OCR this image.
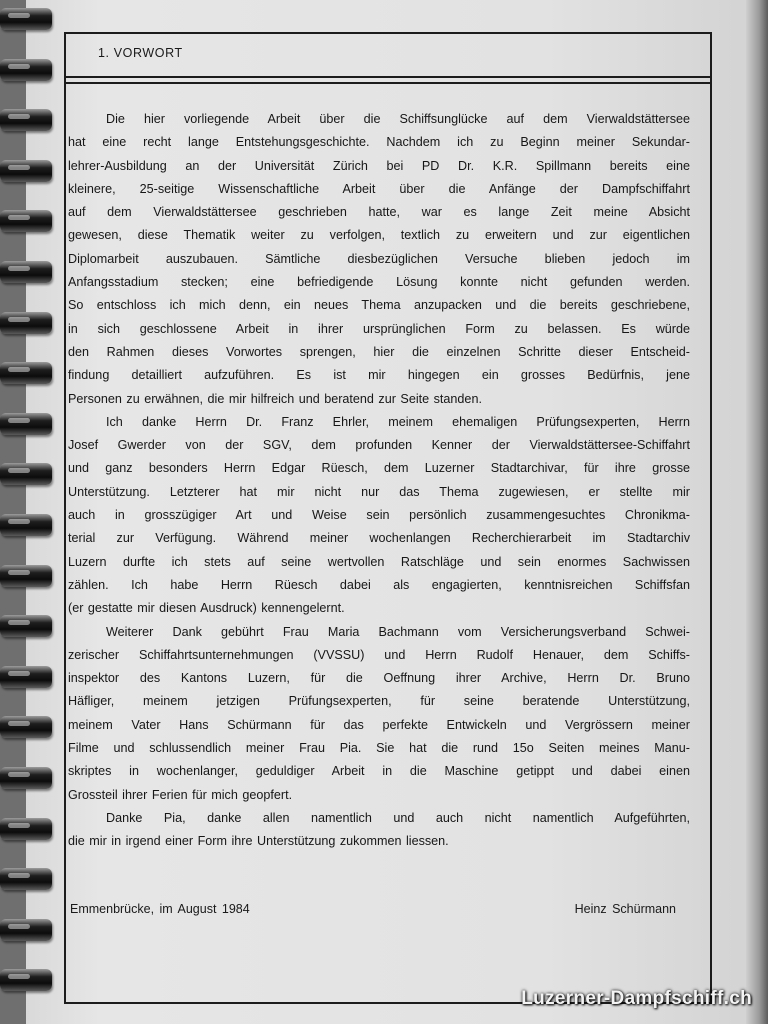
1. VORWORT
Die hier vorliegende Arbeit über die Schiffsunglücke auf dem Vierwaldstättersee
hat eine recht lange Entstehungsgeschichte. Nachdem ich zu Beginn meiner Sekundar-
lehrer-Ausbildung an der Universität Zürich bei PD Dr. K.R. Spillmann bereits eine
kleinere, 25-seitige Wissenschaftliche Arbeit über die Anfänge der Dampfschiffahrt
auf dem Vierwaldstättersee geschrieben hatte, war es lange Zeit meine Absicht
gewesen, diese Thematik weiter zu verfolgen, textlich zu erweitern und zur eigentlichen
Diplomarbeit auszubauen. Sämtliche diesbezüglichen Versuche blieben jedoch im
Anfangsstadium stecken; eine befriedigende Lösung konnte nicht gefunden werden.
So entschloss ich mich denn, ein neues Thema anzupacken und die bereits geschriebene,
in sich geschlossene Arbeit in ihrer ursprünglichen Form zu belassen. Es würde
den Rahmen dieses Vorwortes sprengen, hier die einzelnen Schritte dieser Entscheid-
findung detailliert aufzuführen. Es ist mir hingegen ein grosses Bedürfnis, jene
Personen zu erwähnen, die mir hilfreich und beratend zur Seite standen.
Ich danke Herrn Dr. Franz Ehrler, meinem ehemaligen Prüfungsexperten, Herrn
Josef Gwerder von der SGV, dem profunden Kenner der Vierwaldstättersee-Schiffahrt
und ganz besonders Herrn Edgar Rüesch, dem Luzerner Stadtarchivar, für ihre grosse
Unterstützung. Letzterer hat mir nicht nur das Thema zugewiesen, er stellte mir
auch in grosszügiger Art und Weise sein persönlich zusammengesuchtes Chronikma-
terial zur Verfügung. Während meiner wochenlangen Recherchierarbeit im Stadtarchiv
Luzern durfte ich stets auf seine wertvollen Ratschläge und sein enormes Sachwissen
zählen. Ich habe Herrn Rüesch dabei als engagierten, kenntnisreichen Schiffsfan
(er gestatte mir diesen Ausdruck) kennengelernt.
Weiterer Dank gebührt Frau Maria Bachmann vom Versicherungsverband Schwei-
zerischer Schiffahrtsunternehmungen (VVSSU) und Herrn Rudolf Henauer, dem Schiffs-
inspektor des Kantons Luzern, für die Oeffnung ihrer Archive, Herrn Dr. Bruno
Häfliger, meinem jetzigen Prüfungsexperten, für seine beratende Unterstützung,
meinem Vater Hans Schürmann für das perfekte Entwickeln und Vergrössern meiner
Filme und schlussendlich meiner Frau Pia. Sie hat die rund 15o Seiten meines Manu-
skriptes in wochenlanger, geduldiger Arbeit in die Maschine getippt und dabei einen
Grossteil ihrer Ferien für mich geopfert.
Danke Pia, danke allen namentlich und auch nicht namentlich Aufgeführten,
die mir in irgend einer Form ihre Unterstützung zukommen liessen.
Emmenbrücke, im August 1984	Heinz Schürmann
Luzerner-Dampfschiff.ch
